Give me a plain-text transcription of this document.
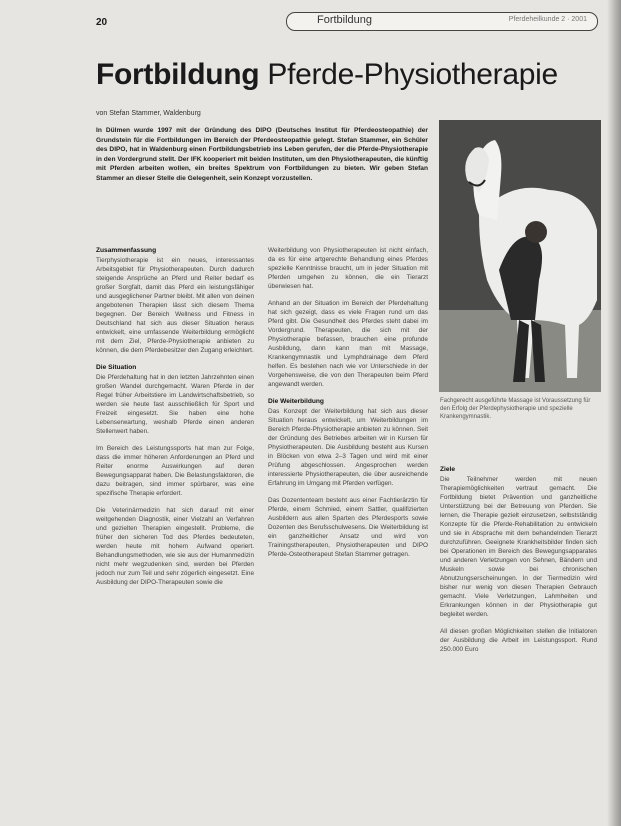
20	Fortbildung	Pferdeheilkunde 2 · 2001
Fortbildung Pferde-Physiotherapie
von Stefan Stammer, Waldenburg
In Dülmen wurde 1997 mit der Gründung des DIPO (Deutsches Institut für Pferdeosteopathie) der Grundstein für die Fortbildungen im Bereich der Pferdeosteopathie gelegt. Stefan Stammer, ein Schüler des DIPO, hat in Waldenburg einen Fortbildungsbetrieb ins Leben gerufen, der die Pferde-Physiotherapie in den Vordergrund stellt. Der IFK kooperiert mit beiden Instituten, um den Physiotherapeuten, die künftig mit Pferden arbeiten wollen, ein breites Spektrum von Fortbildungen zu bieten. Wir geben Stefan Stammer an dieser Stelle die Gelegenheit, sein Konzept vorzustellen.
Zusammenfassung

Tierphysiotherapie ist ein neues, interessantes Arbeitsgebiet für Physiotherapeuten. Durch dadurch steigende Ansprüche an Pferd und Reiter bedarf es großer Sorgfalt, damit das Pferd ein leistungsfähiger und ausgeglichener Partner bleibt. Mit allen von deinen angebotenen Therapien lässt sich diesem Thema begegnen. Der Bereich Wellness und Fitness in Deutschland hat sich aus dieser Situation heraus entwickelt, eine umfassende Weiterbildung ermöglicht mit dem Ziel, Pferde-Physiotherapie anbieten zu können, die dem Pferdebesitzer den Zugang erleichtert.

Die Situation

Die Pferdehaltung hat in den letzten Jahrzehnten einen großen Wandel durchgemacht. Waren Pferde in der Regel früher Arbeitstiere im Landwirtschaftsbetrieb, so werden sie heute fast ausschließlich für Sport und Freizeit eingesetzt. Sie haben eine hohe Lebenserwartung, weshalb Pferde einen anderen Stellenwert haben.

Im Bereich des Leistungssports hat man zur Folge, dass die immer höheren Anforderungen an Pferd und Reiter enorme Auswirkungen auf deren Bewegungsapparat haben. Die Belastungsfaktoren, die dazu beitragen, sind immer spürbarer, was eine spezifische Therapie erfordert.

Die Veterinärmedizin hat sich darauf mit einer weitgehenden Diagnostik, einer Vielzahl an Verfahren und gezielten Therapien eingestellt. Probleme, die früher den sicheren Tod des Pferdes bedeuteten, werden heute mit hohem Aufwand operiert. Behandlungsmethoden, wie sie aus der Humanmedizin nicht mehr wegzudenken sind, werden bei Pferden jedoch nur zum Teil und sehr zögerlich eingesetzt. Eine Ausbildung der DIPO-Therapeuten sowie die

Weiterbildung von Physiotherapeuten ist nicht einfach, da es für eine artgerechte Behandlung eines Pferdes spezielle Kenntnisse braucht, um in jeder Situation mit Pferden umgehen zu können, die ein Tierarzt überwiesen hat.

Anhand an der Situation im Bereich der Pferdehaltung hat sich gezeigt, dass es viele Fragen rund um das Pferd gibt. Die Gesundheit des Pferdes steht dabei im Vordergrund. Therapeuten, die sich mit der Physiotherapie befassen, brauchen eine profunde Ausbildung, dann kann man mit Massage, Krankengymnastik und Lymphdrainage dem Pferd helfen. Es bestehen nach wie vor Unterschiede in der Vorgehensweise, die von den Therapeuten beim Pferd angewandt werden.

Die Weiterbildung

Das Konzept der Weiterbildung hat sich aus dieser Situation heraus entwickelt, um Weiterbildungen im Bereich Pferde-Physiotherapie anbieten zu können. Seit der Gründung des Betriebes arbeiten wir in Kursen für Physiotherapeuten. Die Ausbildung besteht aus Kursen in Blöcken von etwa 2–3 Tagen und wird mit einer Prüfung abgeschlossen. Angesprochen werden interessierte Physiotherapeuten, die über ausreichende Erfahrung im Umgang mit Pferden verfügen.

Das Dozententeam besteht aus einer Fachtierärztin für Pferde, einem Schmied, einem Sattler, qualifizierten Ausbildern aus allen Sparten des Pferdesports sowie Dozenten des Berufsschulwesens. Die Weiterbildung ist ein ganzheitlicher Ansatz und wird von Trainingstherapeuten, Physiotherapeuten und DIPO Pferde-Osteotherapeut Stefan Stammer getragen.

Fachgerecht ausgeführte Massage ist Voraussetzung für den Erfolg der Pferdephysiotherapie und spezielle Krankengymnastik.
Ziele

Die Teilnehmer werden mit neuen Therapiemöglichkeiten vertraut gemacht. Die Fortbildung bietet Prävention und ganzheitliche Unterstützung bei der Betreuung von Pferden. Sie lernen, die Therapie gezielt einzusetzen, selbstständig Konzepte für die Pferde-Rehabilitation zu entwickeln und sie in Absprache mit dem behandelnden Tierarzt durchzuführen. Geeignete Krankheitsbilder finden sich bei Operationen im Bereich des Bewegungsapparates und anderen Verletzungen von Sehnen, Bändern und Muskeln sowie bei chronischen Abnutzungserscheinungen. In der Tiermedizin wird bisher nur wenig von diesen Therapien Gebrauch gemacht. Viele Verletzungen, Lahmheiten und Erkrankungen können in der Physiotherapie gut begleitet werden.

All diesen großen Möglichkeiten stellen die Initiatoren der Ausbildung die Arbeit im Leistungssport. Rund 250.000 Euro
